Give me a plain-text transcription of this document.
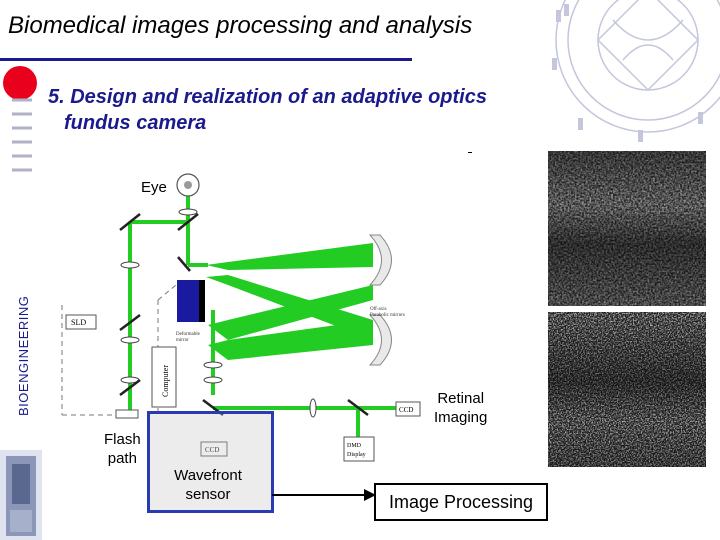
Biomedical images processing and analysis
BIOENGINEERING
5. Design and realization of an adaptive optics
fundus camera
SLD
Computer
CCD
CCD	DMD
Display
Deformable
mirror
Off-axis
Parabolic mirrors
Wavefront
sensor
Eye
Flash
path
Retinal
Imaging
Image Processing
